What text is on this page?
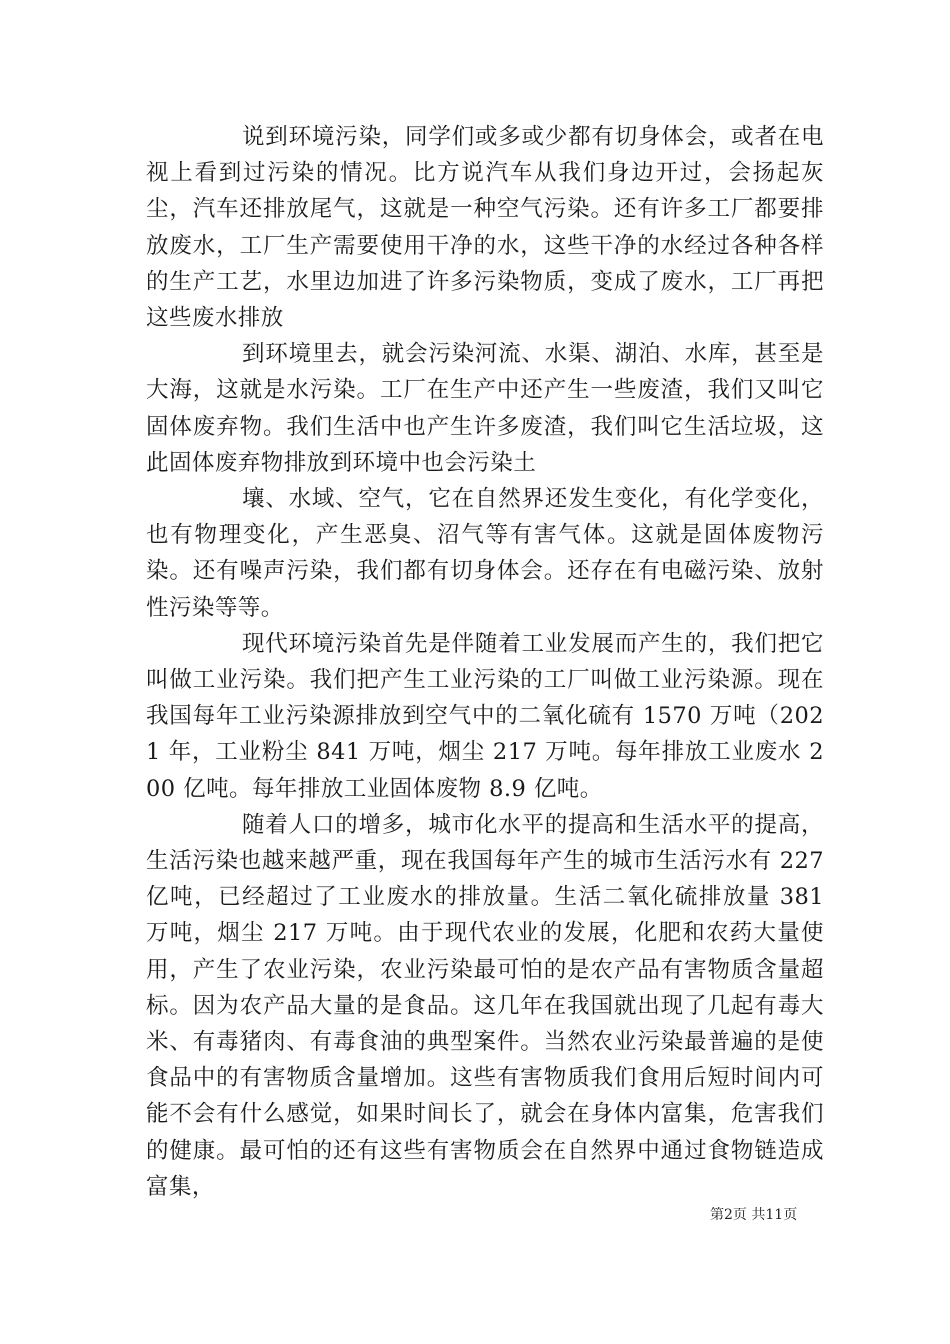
说到环境污染，同学们或多或少都有切身体会，或者在电视上看到过污染的情况。比方说汽车从我们身边开过，会扬起灰尘，汽车还排放尾气，这就是一种空气污染。还有许多工厂都要排放废水，工厂生产需要使用干净的水，这些干净的水经过各种各样的生产工艺，水里边加进了许多污染物质，变成了废水，工厂再把这些废水排放

到环境里去，就会污染河流、水渠、湖泊、水库，甚至是大海，这就是水污染。工厂在生产中还产生一些废渣，我们又叫它固体废弃物。我们生活中也产生许多废渣，我们叫它生活垃圾，这此固体废弃物排放到环境中也会污染土

壤、水域、空气，它在自然界还发生变化，有化学变化，也有物理变化，产生恶臭、沼气等有害气体。这就是固体废物污染。还有噪声污染，我们都有切身体会。还存在有电磁污染、放射性污染等等。

现代环境污染首先是伴随着工业发展而产生的，我们把它叫做工业污染。我们把产生工业污染的工厂叫做工业污染源。现在我国每年工业污染源排放到空气中的二氧化硫有 1570 万吨（2021 年，工业粉尘 841 万吨，烟尘 217 万吨。每年排放工业废水 200 亿吨。每年排放工业固体废物 8.9 亿吨。

随着人口的增多，城市化水平的提高和生活水平的提高，生活污染也越来越严重，现在我国每年产生的城市生活污水有 227 亿吨，已经超过了工业废水的排放量。生活二氧化硫排放量 381 万吨，烟尘 217 万吨。由于现代农业的发展，化肥和农药大量使用，产生了农业污染，农业污染最可怕的是农产品有害物质含量超标。因为农产品大量的是食品。这几年在我国就出现了几起有毒大米、有毒猪肉、有毒食油的典型案件。当然农业污染最普遍的是使食品中的有害物质含量增加。这些有害物质我们食用后短时间内可能不会有什么感觉，如果时间长了，就会在身体内富集，危害我们的健康。最可怕的还有这些有害物质会在自然界中通过食物链造成富集，

第2页 共11页
